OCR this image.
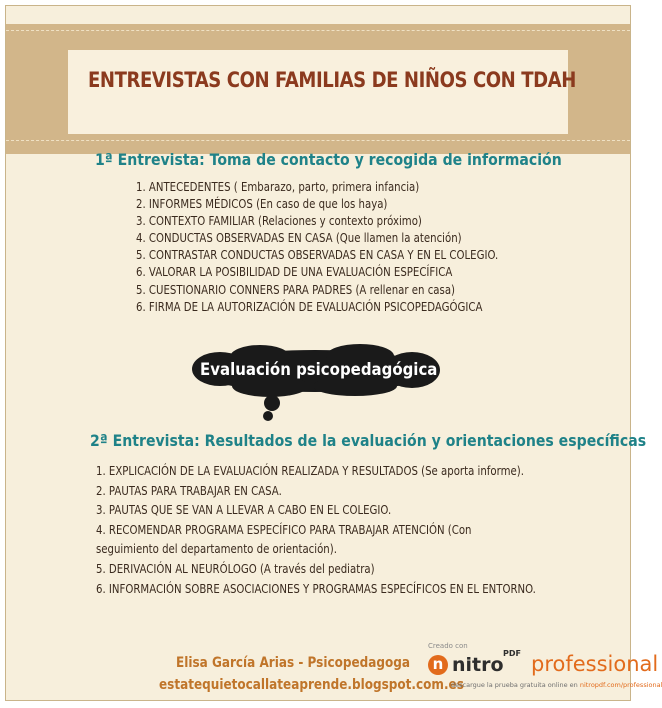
ENTREVISTAS CON FAMILIAS DE NIÑOS CON TDAH
1ª Entrevista: Toma de contacto y recogida de información
1. ANTECEDENTES ( Embarazo, parto, primera infancia)
2. INFORMES MÉDICOS (En caso de que los haya)
3. CONTEXTO FAMILIAR (Relaciones y contexto próximo)
4. CONDUCTAS OBSERVADAS EN CASA (Que llamen la atención)
5. CONTRASTAR CONDUCTAS OBSERVADAS EN CASA Y EN EL COLEGIO.
6. VALORAR LA POSIBILIDAD DE UNA EVALUACIÓN ESPECÍFICA
5. CUESTIONARIO CONNERS PARA PADRES (A rellenar en casa)
6. FIRMA DE LA AUTORIZACIÓN DE EVALUACIÓN PSICOPEDAGÓGICA
Evaluación psicopedagógica
2ª Entrevista: Resultados de la evaluación y orientaciones específicas
1. EXPLICACIÓN DE LA EVALUACIÓN REALIZADA Y RESULTADOS (Se aporta informe).
2. PAUTAS PARA TRABAJAR EN CASA.
3. PAUTAS QUE SE VAN A LLEVAR A CABO EN EL COLEGIO.
4. RECOMENDAR PROGRAMA ESPECÍFICO PARA TRABAJAR ATENCIÓN (Con
seguimiento del departamento de orientación).
5. DERIVACIÓN AL NEURÓLOGO (A través del pediatra)
6. INFORMACIÓN SOBRE ASOCIACIONES Y PROGRAMAS ESPECÍFICOS EN EL ENTORNO.
Elisa García Arias - Psicopedagoga
estatequietocallateaprende.blogspot.com.es
Creado con
n nitro
PDF professional
descargue la prueba gratuita online en nitropdf.com/professional
